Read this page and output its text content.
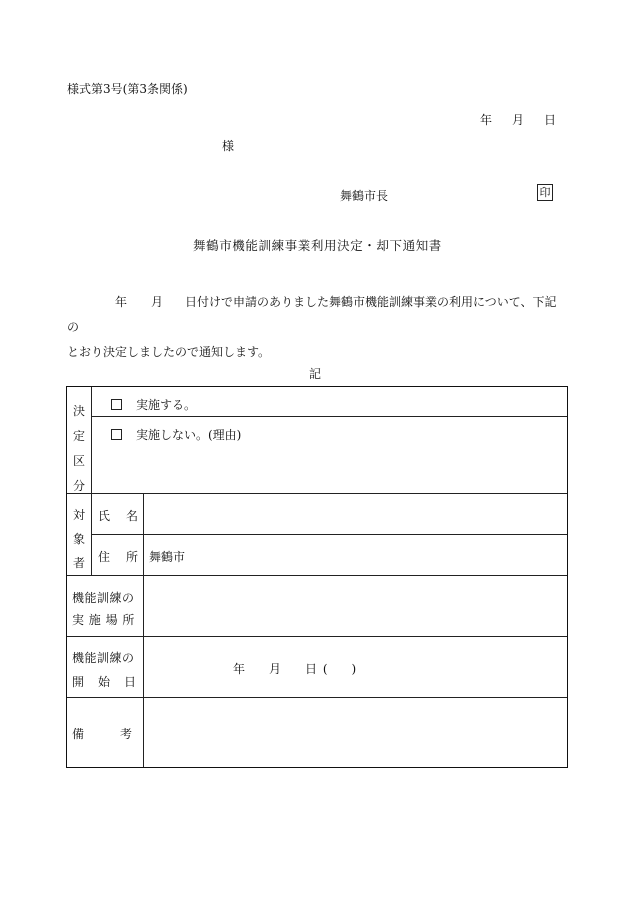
様式第3号(第3条関係)
年 月 日
様
舞鶴市長	印
舞鶴市機能訓練事業利用決定・却下通知書
年 月 日付けで申請のありました舞鶴市機能訓練事業の利用について、下記の
とおり決定しましたので通知します。
記
決
定
区
分
実施する。
実施しない。(理由)
対
象
者
氏　名
住　所 舞鶴市
機能訓練の
実施場所
機能訓練の
開始日
年　　月　　日 (　　)
備　　　考
